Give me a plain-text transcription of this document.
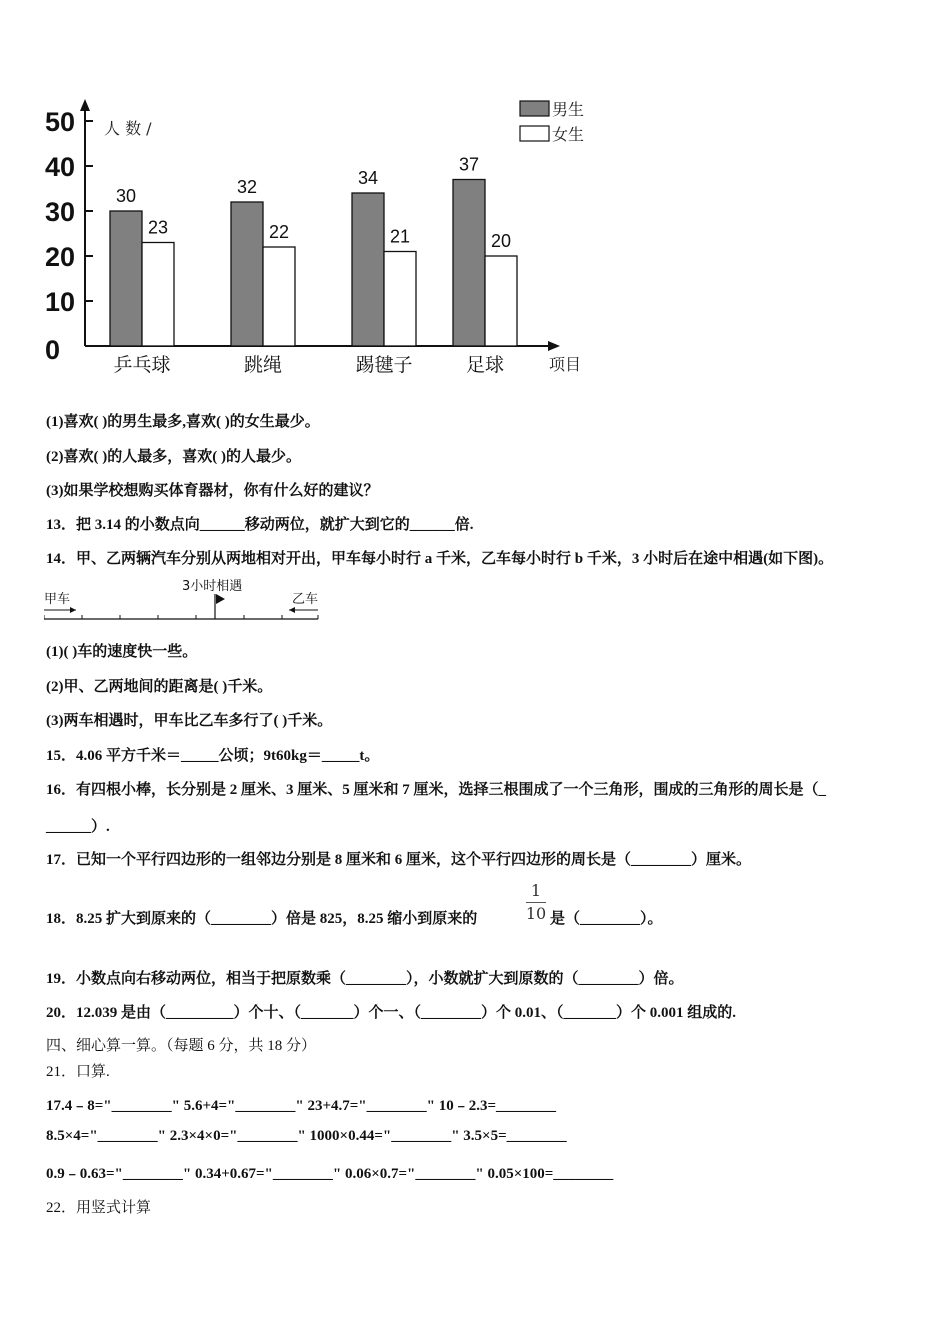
0
10
20
30
40
50
30
23
32
22
34
21
37
20
乒乓球	跳绳	踢毽子	足球
人 数 /
项目
男生
女生
(1)喜欢( )的男生最多,喜欢( )的女生最少。
(2)喜欢( )的人最多，喜欢( )的人最少。
(3)如果学校想购买体育器材，你有什么好的建议？
13．把 3.14 的小数点向______移动两位，就扩大到它的______倍.
14．甲、乙两辆汽车分别从两地相对开出，甲车每小时行 a 千米，乙车每小时行 b 千米，3 小时后在途中相遇(如下图)。
甲车
3小时相遇
乙车
(1)( )车的速度快一些。
(2)甲、乙两地间的距离是( )千米。
(3)两车相遇时，甲车比乙车多行了( )千米。
15．4.06 平方千米＝_____公顷；9t60kg＝_____t。
16．有四根小棒，长分别是 2 厘米、3 厘米、5 厘米和 7 厘米，选择三根围成了一个三角形，围成的三角形的周长是（_
______）.
17．已知一个平行四边形的一组邻边分别是 8 厘米和 6 厘米，这个平行四边形的周长是（________）厘米。
18．8.25 扩大到原来的（________）倍是 825，8.25 缩小到原来的
1
10 是（________）。
19．小数点向右移动两位，相当于把原数乘（________），小数就扩大到原数的（________）倍。
20．12.039 是由（_________）个十、（_______）个一、（________）个 0.01、（_______）个 0.001 组成的.
四、细心算一算。（每题 6 分，共 18 分）
21．口算.
17.4﹣8="________" 5.6+4="________" 23+4.7="________" 10﹣2.3=________
8.5×4="________" 2.3×4×0="________" 1000×0.44="________" 3.5×5=________
0.9﹣0.63="________" 0.34+0.67="________" 0.06×0.7="________" 0.05×100=________
22．用竖式计算
